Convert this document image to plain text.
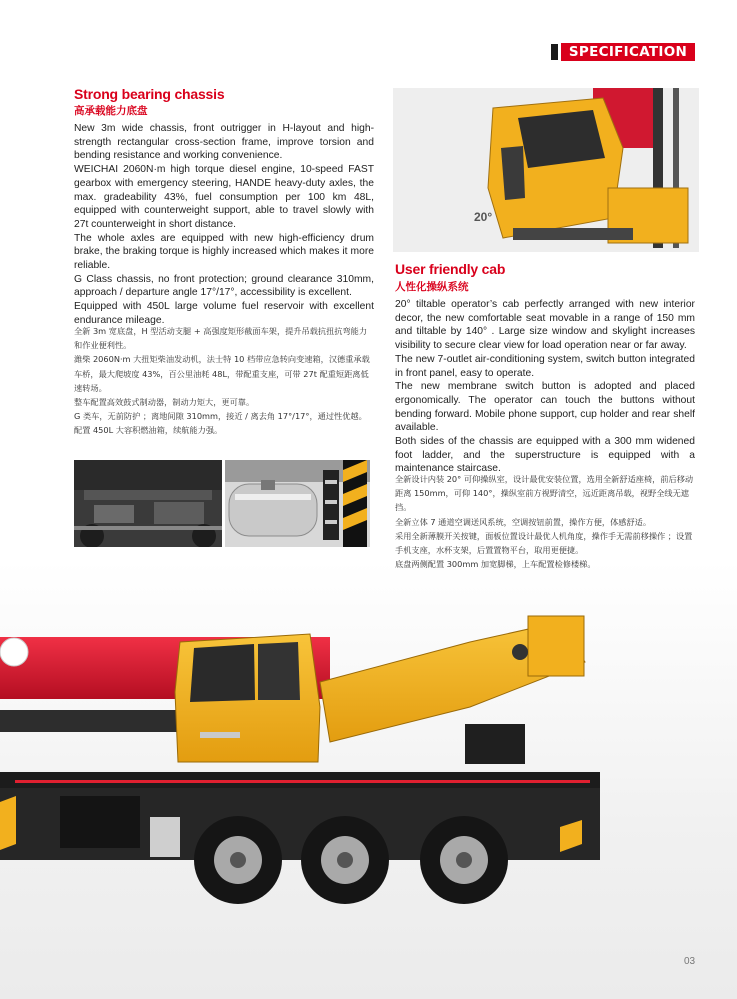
SPECIFICATION
Strong bearing chassis
高承载能力底盘

New 3m wide chassis, front outrigger in H-layout and high-strength rectangular cross-section frame, improve torsion and bending resistance and working convenience.

WEICHAI 2060N·m high torque diesel engine, 10-speed FAST gearbox with emergency steering, HANDE heavy-duty axles, the max. gradeability 43%, fuel consumption per 100 km 48L, equipped with counterweight support, able to travel slowly with 27t counterweight in short distance.

The whole axles are equipped with new high-efficiency drum brake, the braking torque is highly increased which makes it more reliable.

G Class chassis, no front protection; ground clearance 310mm, approach / departure angle 17°/17°, accessibility is excellent.

Equipped with 450L large volume fuel reservoir with excellent endurance mileage.

全新 3m 宽底盘，H 型活动支腿 + 高强度矩形截面车架，提升吊载抗扭抗弯能力和作业便利性。

潍柴 2060N·m 大扭矩柴油发动机，法士特 10 档带应急转向变速箱，汉德重承载车桥，最大爬坡度 43%，百公里油耗 48L，带配重支座，可带 27t 配重短距离低速转场。

整车配置高效鼓式制动器，制动力矩大，更可靠。

G 类车，无前防护 ；离地间隙 310mm，接近 / 离去角 17°/17°，通过性优越。

配置 450L 大容积燃油箱，续航能力强。

20°
User friendly cab
人性化操纵系统

20° tiltable operator’s cab perfectly arranged with new interior decor, the new comfortable seat movable in a range of 150 mm and tiltable by 140° . Large size window and skylight increases visibility to secure clear view for load operation near or far away.

The new 7-outlet air-conditioning system, switch button integrated in front panel, easy to operate.

The new membrane switch button is adopted and placed ergonomically. The operator can touch the buttons without bending forward. Mobile phone support, cup holder and rear shelf available.

Both sides of the chassis are equipped with a 300 mm widened foot ladder, and the superstructure is equipped with a maintenance staircase.

全新设计内装 20° 可仰操纵室，设计最优安装位置，选用全新舒适座椅，前后移动距离 150mm，可仰 140°，操纵室前方视野清空，远近距离吊载，视野全线无遮挡。

全新立体 7 通道空调送风系统，空调按钮前置，操作方便，体感舒适。

采用全新薄膜开关按键，面板位置设计最优人机角度，操作手无需前移操作 ；设置手机支座，水杯支架，后置置物平台，取用更便捷。

底盘两侧配置 300mm 加宽脚梯，上车配置检修楼梯。

03
